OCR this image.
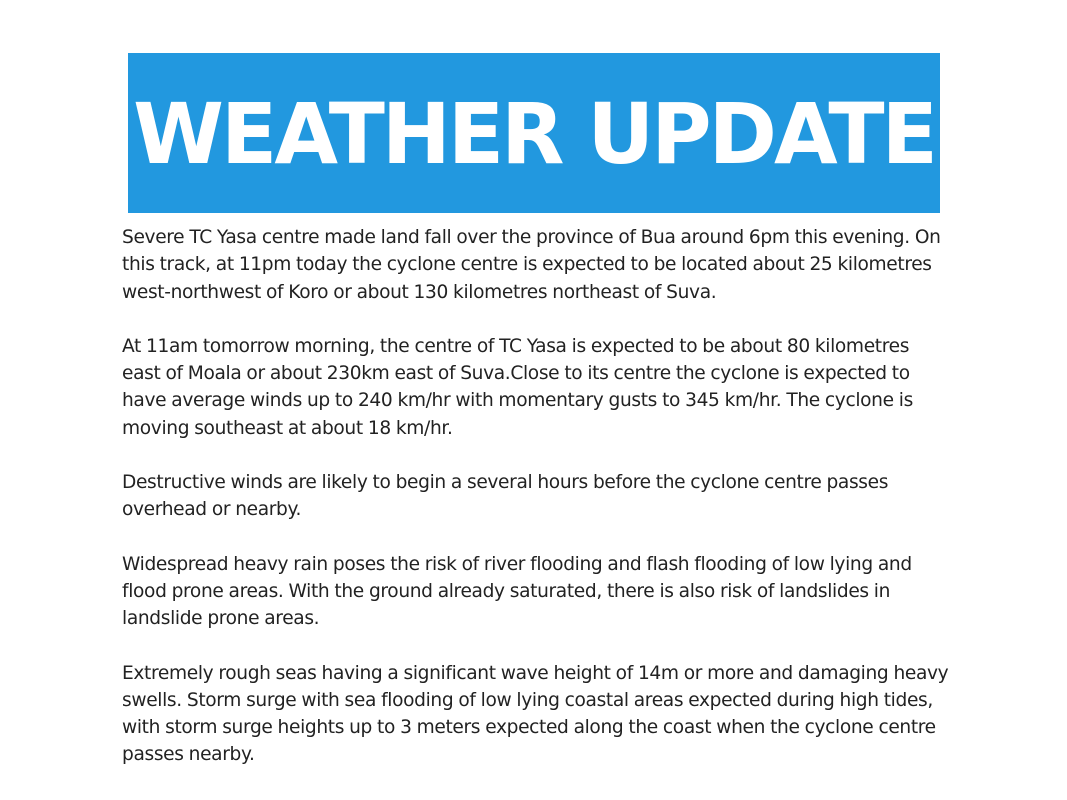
WEATHER UPDATE

Severe TC Yasa centre made land fall over the province of Bua around 6pm this evening. On this track, at 11pm today the cyclone centre is expected to be located about 25 kilometres west-northwest of Koro or about 130 kilometres northeast of Suva.

At 11am tomorrow morning, the centre of TC Yasa is expected to be about 80 kilometres east of Moala or about 230km east of Suva.Close to its centre the cyclone is expected to have average winds up to 240 km/hr with momentary gusts to 345 km/hr. The cyclone is moving southeast at about 18 km/hr.

Destructive winds are likely to begin a several hours before the cyclone centre passes overhead or nearby.

Widespread heavy rain poses the risk of river flooding and flash flooding of low lying and flood prone areas. With the ground already saturated, there is also risk of landslides in landslide prone areas.

Extremely rough seas having a significant wave height of 14m or more and damaging heavy swells. Storm surge with sea flooding of low lying coastal areas expected during high tides, with storm surge heights up to 3 meters expected along the coast when the cyclone centre passes nearby.
